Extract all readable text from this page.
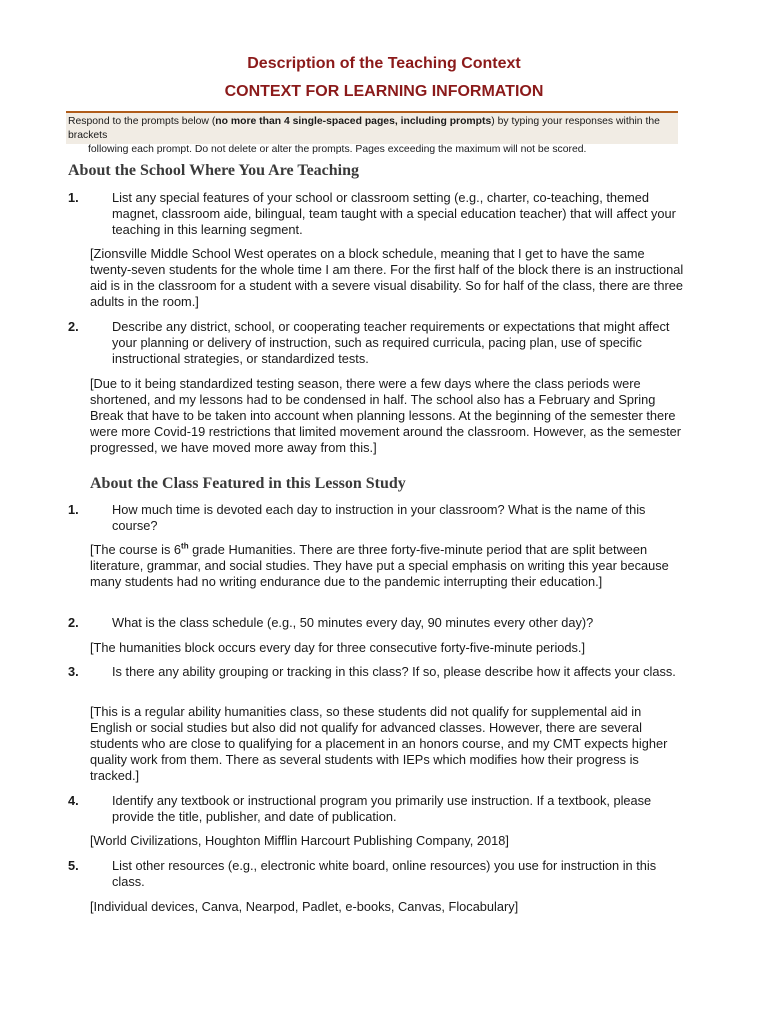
Description of the Teaching Context
CONTEXT FOR LEARNING INFORMATION
Respond to the prompts below (no more than 4 single-spaced pages, including prompts) by typing your responses within the brackets
following each prompt. Do not delete or alter the prompts. Pages exceeding the maximum will not be scored.
About the School Where You Are Teaching
1.	List any special features of your school or classroom setting (e.g., charter, co-teaching, themed magnet, classroom aide, bilingual, team taught with a special education teacher) that will affect your teaching in this learning segment.
[Zionsville Middle School West operates on a block schedule, meaning that I get to have the same twenty-seven students for the whole time I am there. For the first half of the block there is an instructional aid is in the classroom for a student with a severe visual disability. So for half of the class, there are three adults in the room.]
2.	Describe any district, school, or cooperating teacher requirements or expectations that might affect your planning or delivery of instruction, such as required curricula, pacing plan, use of specific instructional strategies, or standardized tests.
[Due to it being standardized testing season, there were a few days where the class periods were shortened, and my lessons had to be condensed in half. The school also has a February and Spring Break that have to be taken into account when planning lessons. At the beginning of the semester there were more Covid-19 restrictions that limited movement around the classroom. However, as the semester progressed, we have moved more away from this.]
About the Class Featured in this Lesson Study
1.	How much time is devoted each day to instruction in your classroom? What is the name of this course?
[The course is 6th grade Humanities. There are three forty-five-minute period that are split between literature, grammar, and social studies. They have put a special emphasis on writing this year because many students had no writing endurance due to the pandemic interrupting their education.]
2.	What is the class schedule (e.g., 50 minutes every day, 90 minutes every other day)?
[The humanities block occurs every day for three consecutive forty-five-minute periods.]
3.	Is there any ability grouping or tracking in this class? If so, please describe how it affects your class.
[This is a regular ability humanities class, so these students did not qualify for supplemental aid in English or social studies but also did not qualify for advanced classes. However, there are several students who are close to qualifying for a placement in an honors course, and my CMT expects higher quality work from them. There as several students with IEPs which modifies how their progress is tracked.]
4.	Identify any textbook or instructional program you primarily use instruction. If a textbook, please provide the title, publisher, and date of publication.
[World Civilizations, Houghton Mifflin Harcourt Publishing Company, 2018]
5.	List other resources (e.g., electronic white board, online resources) you use for instruction in this class.
[Individual devices, Canva, Nearpod, Padlet, e-books, Canvas, Flocabulary]
